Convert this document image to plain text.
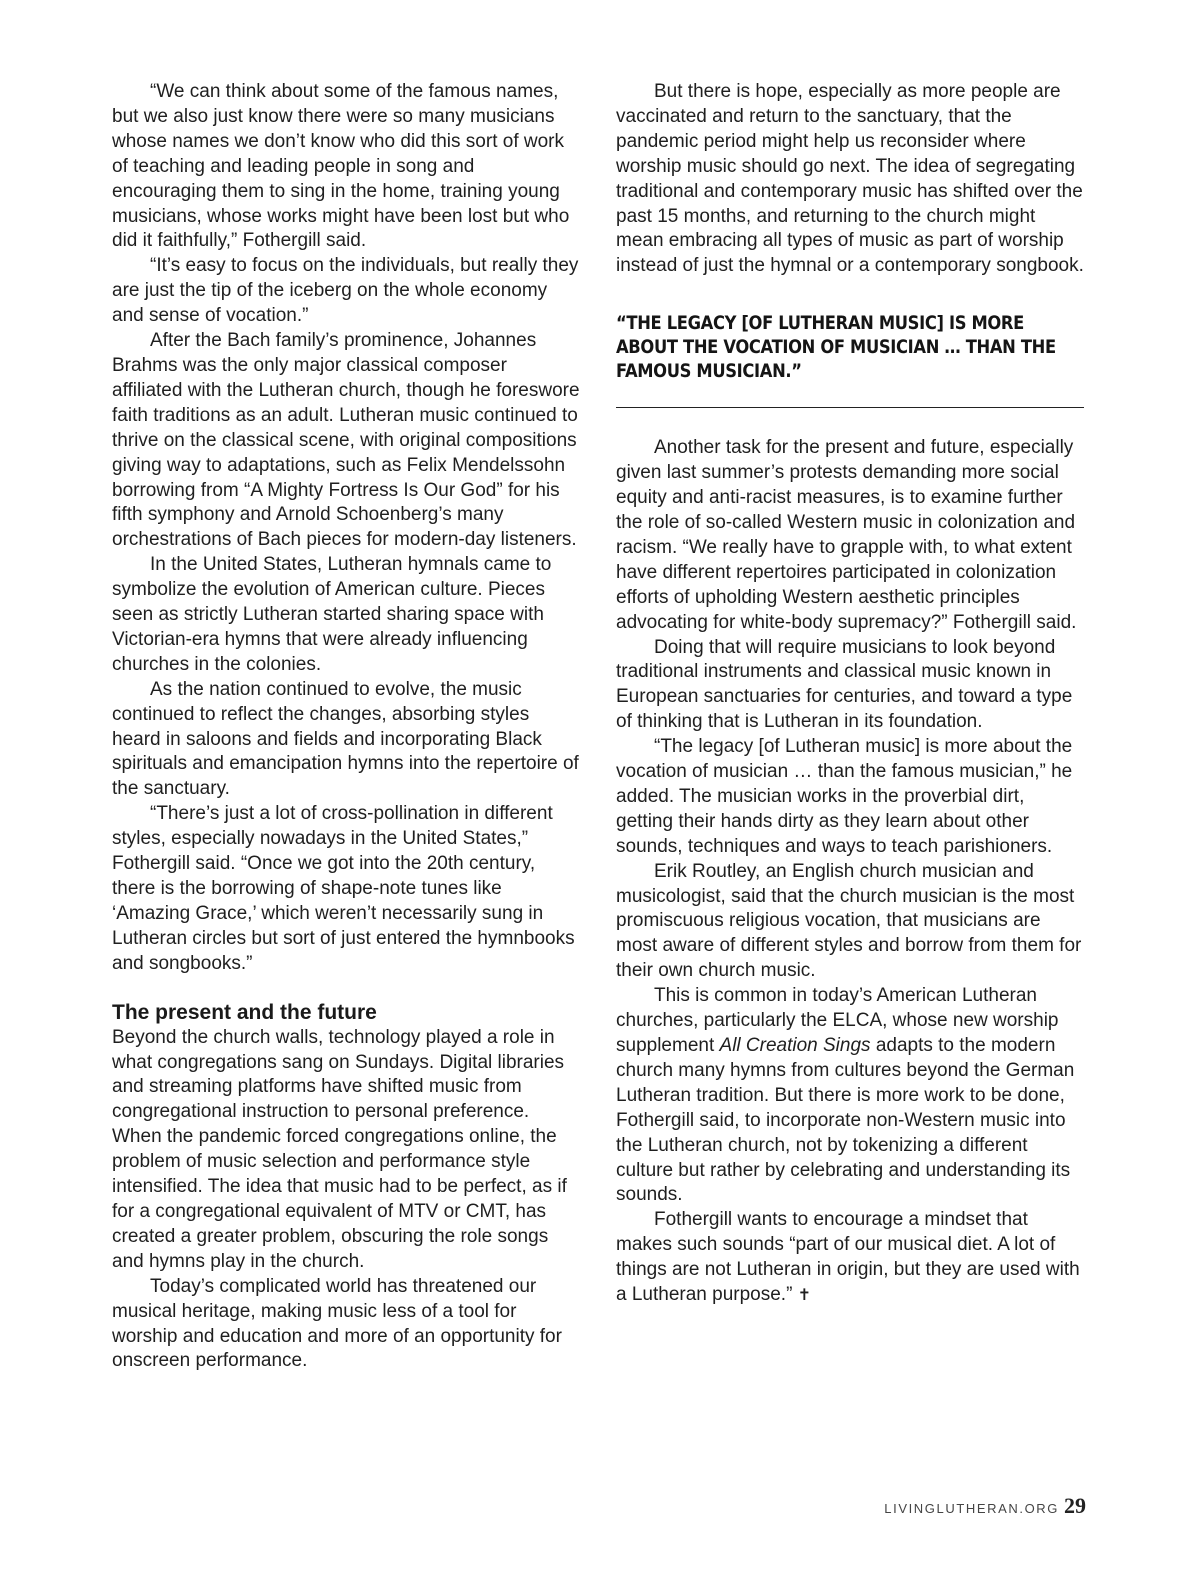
“We can think about some of the famous names, but we also just know there were so many musicians whose names we don’t know who did this sort of work of teaching and leading people in song and encouraging them to sing in the home, training young musicians, whose works might have been lost but who did it faithfully,” Fothergill said.

“It’s easy to focus on the individuals, but really they are just the tip of the iceberg on the whole economy and sense of vocation.”

After the Bach family’s prominence, Johannes Brahms was the only major classical composer affiliated with the Lutheran church, though he foreswore faith traditions as an adult. Lutheran music continued to thrive on the classical scene, with original compositions giving way to adaptations, such as Felix Mendelssohn borrowing from “A Mighty Fortress Is Our God” for his fifth symphony and Arnold Schoenberg’s many orchestrations of Bach pieces for modern-day listeners.

In the United States, Lutheran hymnals came to symbolize the evolution of American culture. Pieces seen as strictly Lutheran started sharing space with Victorian-era hymns that were already influencing churches in the colonies.

As the nation continued to evolve, the music continued to reflect the changes, absorbing styles heard in saloons and fields and incorporating Black spirituals and emancipation hymns into the repertoire of the sanctuary.

“There’s just a lot of cross-pollination in different styles, especially nowadays in the United States,” Fothergill said. “Once we got into the 20th century, there is the borrowing of shape-note tunes like ‘Amazing Grace,’ which weren’t necessarily sung in Lutheran circles but sort of just entered the hymnbooks and songbooks.”

The present and the future

Beyond the church walls, technology played a role in what congregations sang on Sundays. Digital libraries and streaming platforms have shifted music from congregational instruction to personal preference. When the pandemic forced congregations online, the problem of music selection and performance style intensified. The idea that music had to be perfect, as if for a congregational equivalent of MTV or CMT, has created a greater problem, obscuring the role songs and hymns play in the church.

Today’s complicated world has threatened our musical heritage, making music less of a tool for worship and education and more of an opportunity for onscreen performance.

But there is hope, especially as more people are vaccinated and return to the sanctuary, that the pandemic period might help us reconsider where worship music should go next. The idea of segregating traditional and contemporary music has shifted over the past 15 months, and returning to the church might mean embracing all types of music as part of worship instead of just the hymnal or a contemporary songbook.

“THE LEGACY [OF LUTHERAN MUSIC] IS MORE ABOUT THE VOCATION OF MUSICIAN … THAN THE FAMOUS MUSICIAN.”

Another task for the present and future, especially given last summer’s protests demanding more social equity and anti-racist measures, is to examine further the role of so-called Western music in colonization and racism. “We really have to grapple with, to what extent have different repertoires participated in colonization efforts of upholding Western aesthetic principles advocating for white-body supremacy?” Fothergill said.

Doing that will require musicians to look beyond traditional instruments and classical music known in European sanctuaries for centuries, and toward a type of thinking that is Lutheran in its foundation.

“The legacy [of Lutheran music] is more about the vocation of musician … than the famous musician,” he added. The musician works in the proverbial dirt, getting their hands dirty as they learn about other sounds, techniques and ways to teach parishioners.

Erik Routley, an English church musician and musicologist, said that the church musician is the most promiscuous religious vocation, that musicians are most aware of different styles and borrow from them for their own church music.

This is common in today’s American Lutheran churches, particularly the ELCA, whose new worship supplement All Creation Sings adapts to the modern church many hymns from cultures beyond the German Lutheran tradition. But there is more work to be done, Fothergill said, to incorporate non-Western music into the Lutheran church, not by tokenizing a different culture but rather by celebrating and understanding its sounds.

Fothergill wants to encourage a mindset that makes such sounds “part of our musical diet. A lot of things are not Lutheran in origin, but they are used with a Lutheran purpose.” ✝

LIVINGLUTHERAN.ORG 29
